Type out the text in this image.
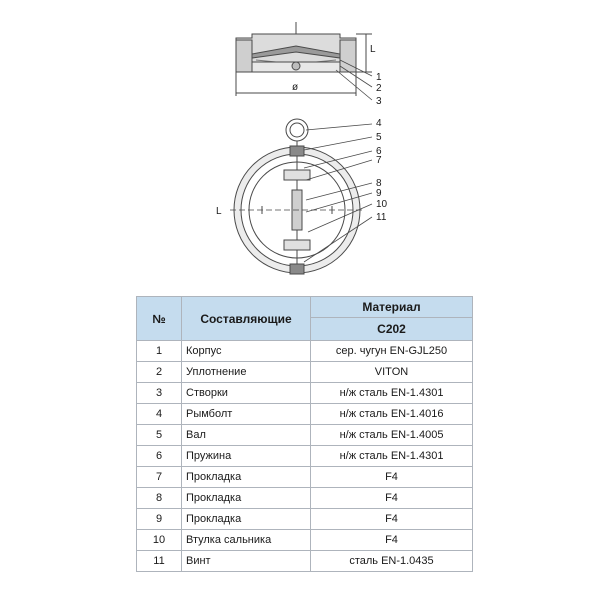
L
ø
1
2
3
4
5
6
7
8
9
10
11
L
№	Составляющие	Материал
		C202
1	Корпус	сер. чугун EN-GJL250
2	Уплотнение	VITON
3	Створки	н/ж сталь EN-1.4301
4	Рымболт	н/ж сталь EN-1.4016
5	Вал	н/ж сталь EN-1.4005
6	Пружина	н/ж сталь EN-1.4301
7	Прокладка	F4
8	Прокладка	F4
9	Прокладка	F4
10	Втулка сальника	F4
11	Винт	сталь EN-1.0435
